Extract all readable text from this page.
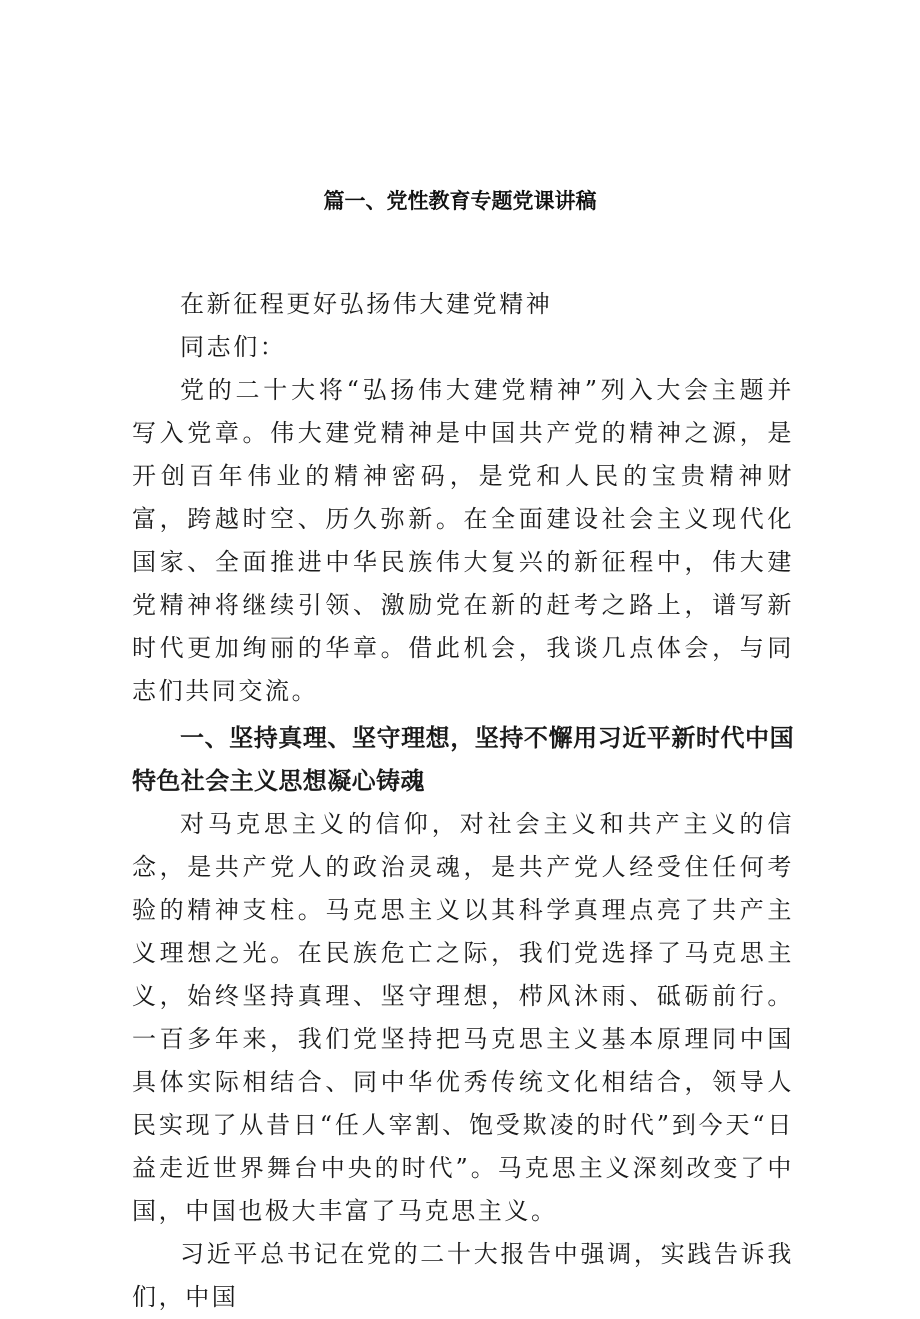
篇一、党性教育专题党课讲稿

在新征程更好弘扬伟大建党精神

同志们：

党的二十大将“弘扬伟大建党精神”列入大会主题并写入党章。伟大建党精神是中国共产党的精神之源，是开创百年伟业的精神密码，是党和人民的宝贵精神财富，跨越时空、历久弥新。在全面建设社会主义现代化国家、全面推进中华民族伟大复兴的新征程中，伟大建党精神将继续引领、激励党在新的赶考之路上，谱写新时代更加绚丽的华章。借此机会，我谈几点体会，与同志们共同交流。

一、坚持真理、坚守理想，坚持不懈用习近平新时代中国特色社会主义思想凝心铸魂

对马克思主义的信仰，对社会主义和共产主义的信念，是共产党人的政治灵魂，是共产党人经受住任何考验的精神支柱。马克思主义以其科学真理点亮了共产主义理想之光。在民族危亡之际，我们党选择了马克思主义，始终坚持真理、坚守理想，栉风沐雨、砥砺前行。一百多年来，我们党坚持把马克思主义基本原理同中国具体实际相结合、同中华优秀传统文化相结合，领导人民实现了从昔日“任人宰割、饱受欺凌的时代”到今天“日益走近世界舞台中央的时代”。马克思主义深刻改变了中国，中国也极大丰富了马克思主义。

习近平总书记在党的二十大报告中强调，实践告诉我们，中国
